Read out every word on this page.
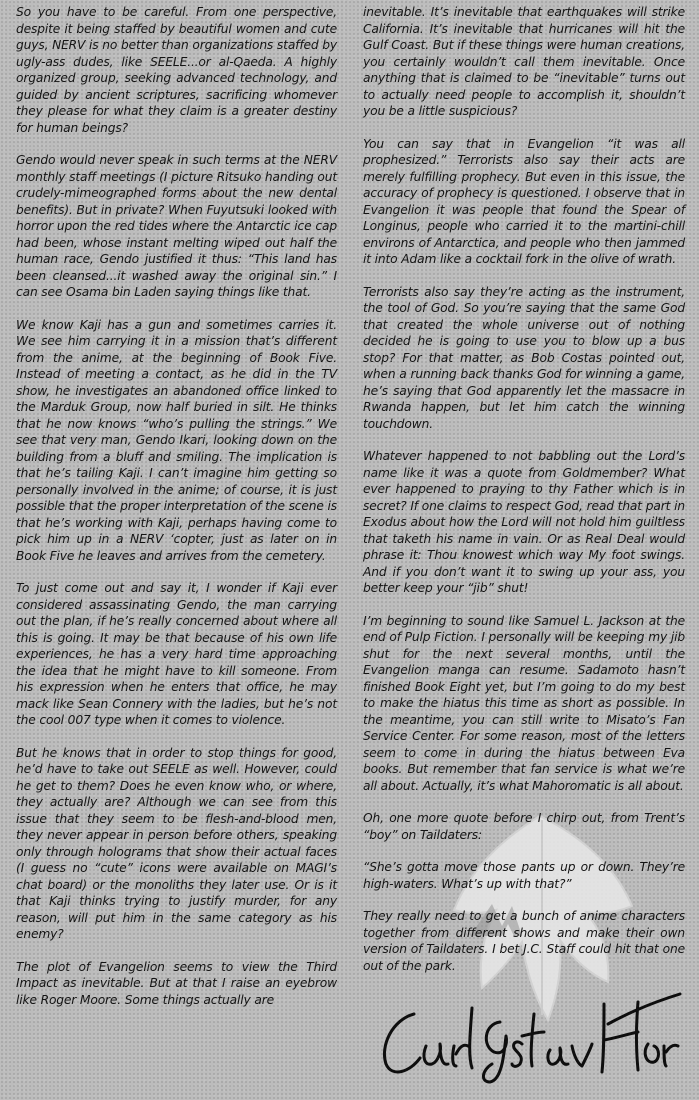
So you have to be careful. From one perspective, despite it being staffed by beautiful women and cute guys, NERV is no better than organizations staffed by ugly-ass dudes, like SEELE...or al-Qaeda. A highly organized group, seeking advanced technology, and guided by ancient scriptures, sacrificing whomever they please for what they claim is a greater destiny for human beings?

Gendo would never speak in such terms at the NERV monthly staff meetings (I picture Ritsuko handing out crudely-mimeographed forms about the new dental benefits). But in private? When Fuyutsuki looked with horror upon the red tides where the Antarctic ice cap had been, whose instant melting wiped out half the human race, Gendo justified it thus: “This land has been cleansed...it washed away the original sin.” I can see Osama bin Laden saying things like that.

We know Kaji has a gun and sometimes carries it. We see him carrying it in a mission that’s different from the anime, at the beginning of Book Five. Instead of meeting a contact, as he did in the TV show, he investigates an abandoned office linked to the Marduk Group, now half buried in silt. He thinks that he now knows “who’s pulling the strings.” We see that very man, Gendo Ikari, looking down on the building from a bluff and smiling. The implication is that he’s tailing Kaji. I can’t imagine him getting so personally involved in the anime; of course, it is just possible that the proper interpretation of the scene is that he’s working with Kaji, perhaps having come to pick him up in a NERV ‘copter, just as later on in Book Five he leaves and arrives from the cemetery.

To just come out and say it, I wonder if Kaji ever considered assassinating Gendo, the man carrying out the plan, if he’s really concerned about where all this is going. It may be that because of his own life experiences, he has a very hard time approaching the idea that he might have to kill someone. From his expression when he enters that office, he may mack like Sean Connery with the ladies, but he’s not the cool 007 type when it comes to violence.

But he knows that in order to stop things for good, he’d have to take out SEELE as well. However, could he get to them? Does he even know who, or where, they actually are? Although we can see from this issue that they seem to be flesh-and-blood men, they never appear in person before others, speaking only through holograms that show their actual faces (I guess no “cute” icons were available on MAGI’s chat board) or the monoliths they later use. Or is it that Kaji thinks trying to justify murder, for any reason, will put him in the same category as his enemy?

The plot of Evangelion seems to view the Third Impact as inevitable. But at that I raise an eyebrow like Roger Moore. Some things actually are

inevitable. It’s inevitable that earthquakes will strike California. It’s inevitable that hurricanes will hit the Gulf Coast. But if these things were human creations, you certainly wouldn’t call them inevitable. Once anything that is claimed to be “inevitable” turns out to actually need people to accomplish it, shouldn’t you be a little suspicious?

You can say that in Evangelion “it was all prophesized.” Terrorists also say their acts are merely fulfilling prophecy. But even in this issue, the accuracy of prophecy is questioned. I observe that in Evangelion it was people that found the Spear of Longinus, people who carried it to the martini-chill environs of Antarctica, and people who then jammed it into Adam like a cocktail fork in the olive of wrath.

Terrorists also say they’re acting as the instrument, the tool of God. So you’re saying that the same God that created the whole universe out of nothing decided he is going to use you to blow up a bus stop? For that matter, as Bob Costas pointed out, when a running back thanks God for winning a game, he’s saying that God apparently let the massacre in Rwanda happen, but let him catch the winning touchdown.

Whatever happened to not babbling out the Lord’s name like it was a quote from Goldmember? What ever happened to praying to thy Father which is in secret? If one claims to respect God, read that part in Exodus about how the Lord will not hold him guiltless that taketh his name in vain. Or as Real Deal would phrase it: Thou knowest which way My foot swings. And if you don’t want it to swing up your ass, you better keep your “jib” shut!

I’m beginning to sound like Samuel L. Jackson at the end of Pulp Fiction. I personally will be keeping my jib shut for the next several months, until the Evangelion manga can resume. Sadamoto hasn’t finished Book Eight yet, but I’m going to do my best to make the hiatus this time as short as possible. In the meantime, you can still write to Misato’s Fan Service Center. For some reason, most of the letters seem to come in during the hiatus between Eva books. But remember that fan service is what we’re all about. Actually, it’s what Mahoromatic is all about.

Oh, one more quote before I chirp out, from Trent’s “boy” on Taildaters:

“She’s gotta move those pants up or down. They’re high-waters. What’s up with that?”

They really need to get a bunch of anime characters together from different shows and make their own version of Taildaters. I bet J.C. Staff could hit that one out of the park.
